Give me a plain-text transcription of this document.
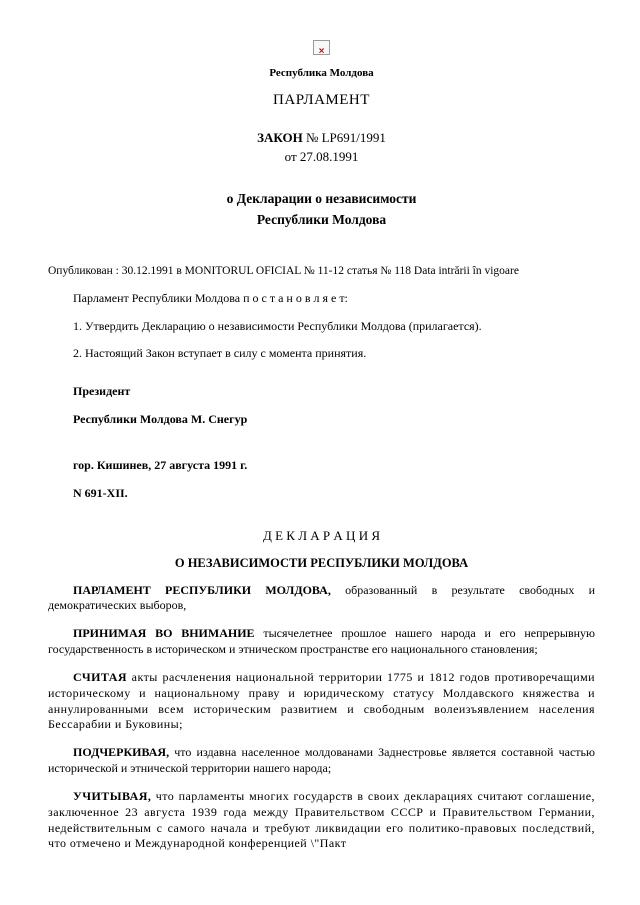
×
Республика Молдова
ПАРЛАМЕНТ
ЗАКОН № LP691/1991
от 27.08.1991
о Декларации о независимости
Республики Молдова
Опубликован : 30.12.1991 в MONITORUL OFICIAL № 11-12 статья № 118 Data intrării în vigoare

Парламент Республики Молдова п о с т а н о в л я е т:

1. Утвердить Декларацию о независимости Республики Молдова (прилагается).

2. Настоящий Закон вступает в силу с момента принятия.

Президент

Республики Молдова М. Снегур

гор. Кишинев, 27 августа 1991 г.

N 691-XII.

Д Е К Л А Р А Ц И Я
О НЕЗАВИСИМОСТИ РЕСПУБЛИКИ МОЛДОВА

ПАРЛАМЕНТ РЕСПУБЛИКИ МОЛДОВА, образованный в результате свободных и демократических выборов,

ПРИНИМАЯ ВО ВНИМАНИЕ тысячелетнее прошлое нашего народа и его непрерывную государственность в историческом и этническом пространстве его национального становления;

СЧИТАЯ акты расчленения национальной территории 1775 и 1812 годов противоречащими историческому и национальному праву и юридическому статусу Молдавского княжества и аннулированными всем историческим развитием и свободным волеизъявлением населения Бессарабии и Буковины;

ПОДЧЕРКИВАЯ, что издавна населенное молдованами Заднестровье является составной частью исторической и этнической территории нашего народа;

УЧИТЫВАЯ, что парламенты многих государств в своих декларациях считают соглашение, заключенное 23 августа 1939 года между Правительством СССР и Правительством Германии, недействительным с самого начала и требуют ликвидации его политико-правовых последствий, что отмечено и Международной конференцией \"Пакт
